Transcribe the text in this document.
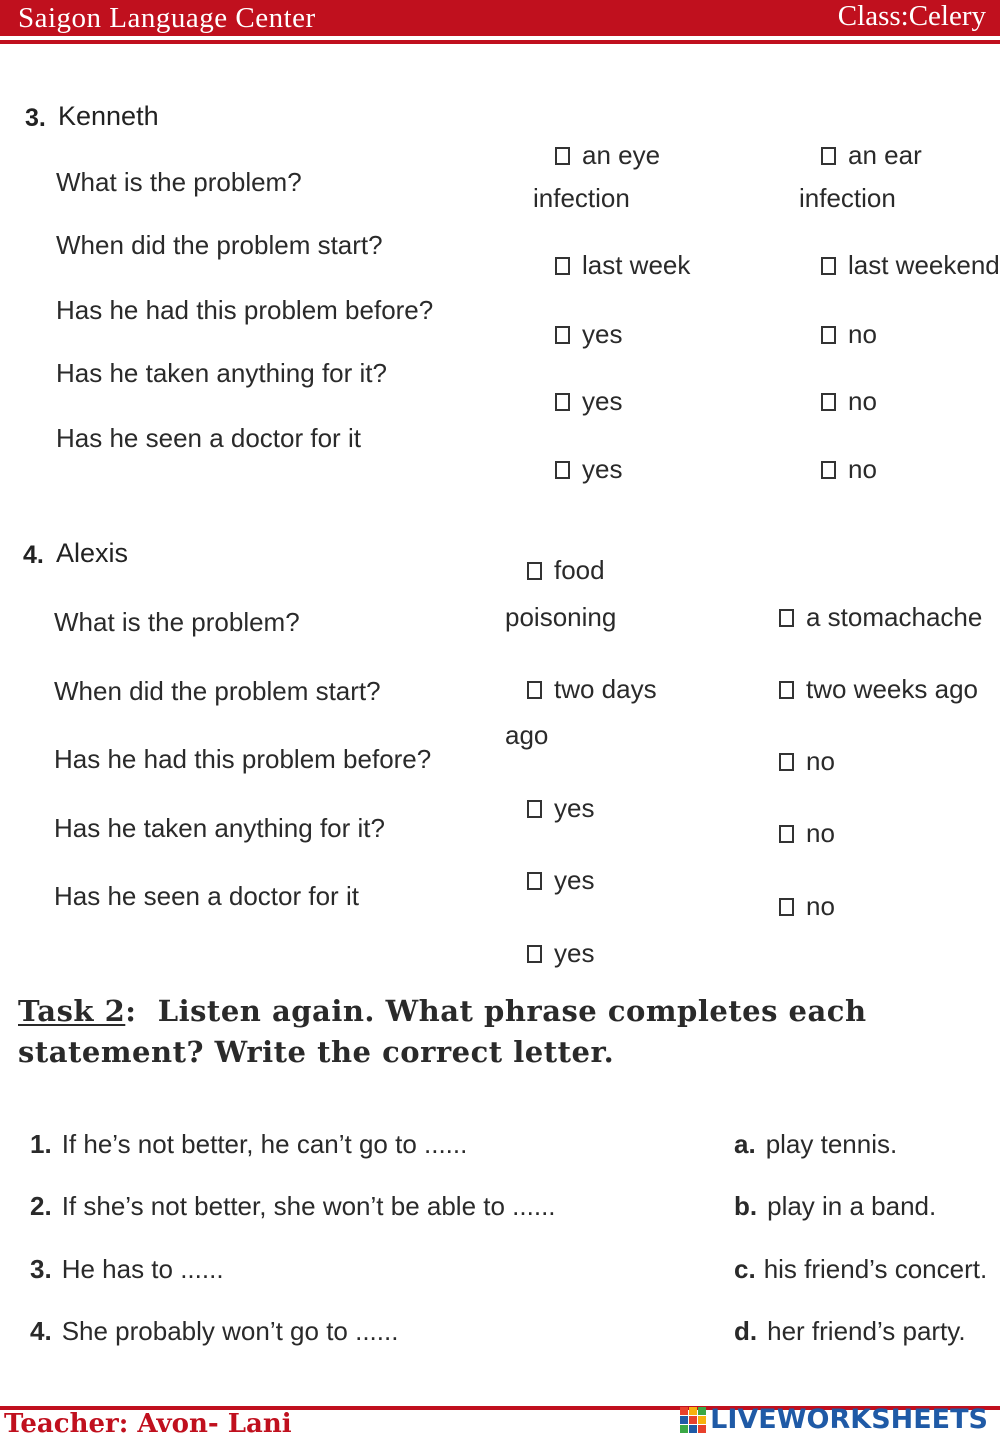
Saigon Language Center	Class:Celery
3. Kenneth
What is the problem?
When did the problem start?
Has he had this problem before?
Has he taken anything for it?
Has he seen a doctor for it
an eye
infection
last week
yes
yes
yes
an ear
infection
last weekend
no
no
no
4. Alexis
What is the problem?
When did the problem start?
Has he had this problem before?
Has he taken anything for it?
Has he seen a doctor for it
food
poisoning
two days
ago
yes
yes
yes
a stomachache
two weeks ago
no
no
no
Task 2:  Listen again. What phrase completes each
statement? Write the correct letter.
1. If he’s not better, he can’t go to ......
2. If she’s not better, she won’t be able to ......
3. He has to ......
4. She probably won’t go to ......
a. play tennis.
b. play in a band.
c. his friend’s concert.
d. her friend’s party.
Teacher: Avon- Lani	LIVEWORKSHEETS
